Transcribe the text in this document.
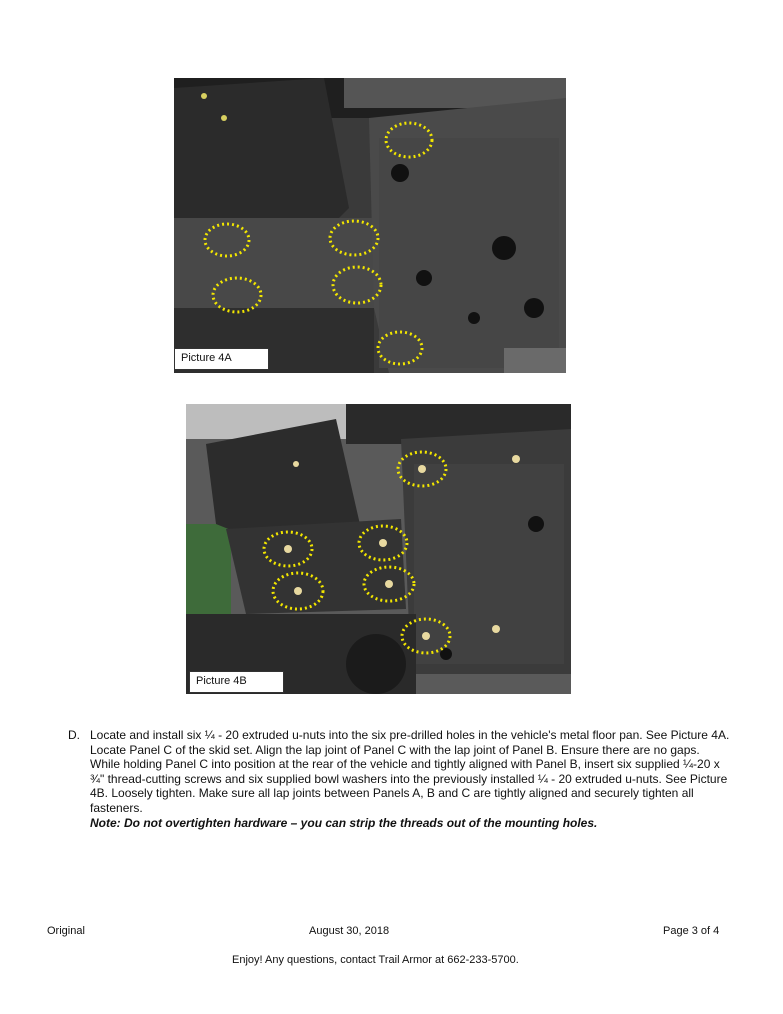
Picture 4A
Picture 4B
D. Locate and install six ¼ - 20 extruded u-nuts into the six pre-drilled holes in the vehicle's metal floor pan. See Picture 4A. Locate Panel C of the skid set. Align the lap joint of Panel C with the lap joint of Panel B. Ensure there are no gaps. While holding Panel C into position at the rear of the vehicle and tightly aligned with Panel B, insert six supplied ¼-20 x ¾" thread-cutting screws and six supplied bowl washers into the previously installed ¼ - 20 extruded u-nuts. See Picture 4B. Loosely tighten. Make sure all lap joints between Panels A, B and C are tightly aligned and securely tighten all fasteners.
Note: Do not overtighten hardware – you can strip the threads out of the mounting holes.
Original	August 30, 2018	Page 3 of 4
Enjoy! Any questions, contact Trail Armor at 662-233-5700.
